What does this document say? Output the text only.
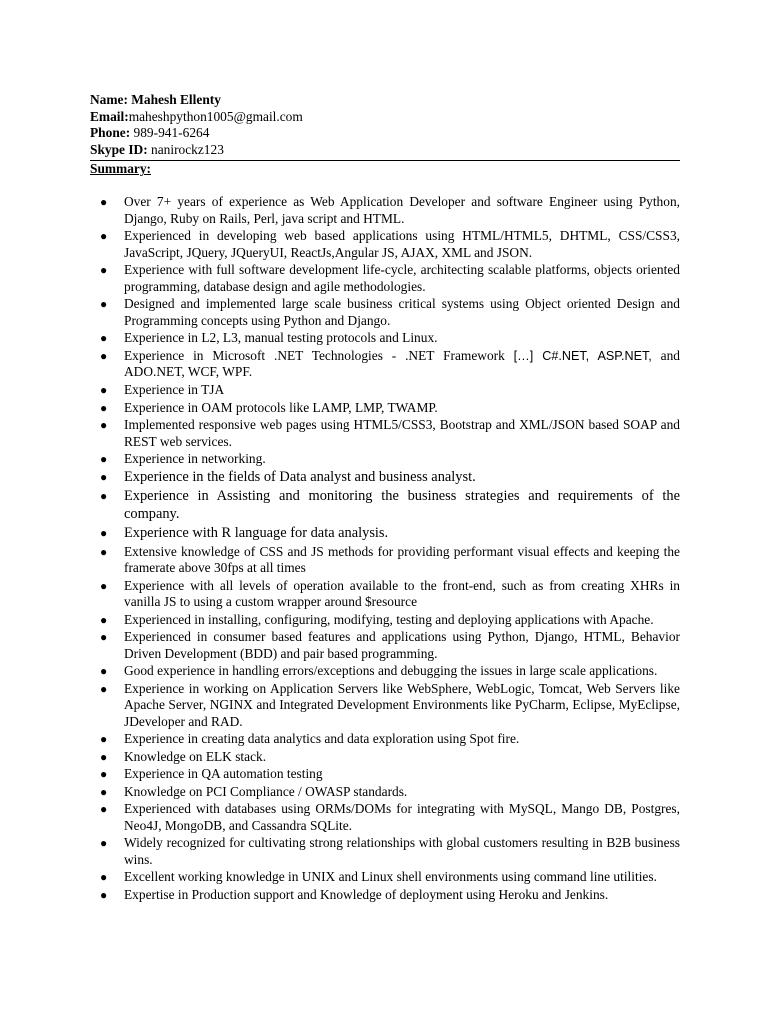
Name: Mahesh Ellenty
Email:maheshpython1005@gmail.com
Phone: 989-941-6264
Skype ID: nanirockz123
Summary:
● Over 7+ years of experience as Web Application Developer and software Engineer using Python, Django, Ruby on Rails, Perl, java script and HTML.
● Experienced in developing web based applications using HTML/HTML5, DHTML, CSS/CSS3, JavaScript, JQuery, JQueryUI, ReactJs,Angular JS, AJAX, XML and JSON.
● Experience with full software development life-cycle, architecting scalable platforms, objects oriented programming, database design and agile methodologies.
● Designed and implemented large scale business critical systems using Object oriented Design and Programming concepts using Python and Django.
● Experience in L2, L3, manual testing protocols and Linux.
● Experience in Microsoft .NET Technologies - .NET Framework […] C#.NET, ASP.NET, and ADO.NET, WCF, WPF.
● Experience in TJA
● Experience in OAM protocols like LAMP, LMP, TWAMP.
● Implemented responsive web pages using HTML5/CSS3, Bootstrap and XML/JSON based SOAP and REST web services.
● Experience in networking.
● Experience in the fields of Data analyst and business analyst.
● Experience in Assisting and monitoring the business strategies and requirements of the company.
● Experience with R language for data analysis.
● Extensive knowledge of CSS and JS methods for providing performant visual effects and keeping the framerate above 30fps at all times
● Experience with all levels of operation available to the front-end, such as from creating XHRs in vanilla JS to using a custom wrapper around $resource
● Experienced in installing, configuring, modifying, testing and deploying applications with Apache.
● Experienced in consumer based features and applications using Python, Django, HTML, Behavior Driven Development (BDD) and pair based programming.
● Good experience in handling errors/exceptions and debugging the issues in large scale applications.
● Experience in working on Application Servers like WebSphere, WebLogic, Tomcat, Web Servers like Apache Server, NGINX and Integrated Development Environments like PyCharm, Eclipse, MyEclipse, JDeveloper and RAD.
● Experience in creating data analytics and data exploration using Spot fire.
● Knowledge on ELK stack.
● Experience in QA automation testing
● Knowledge on PCI Compliance / OWASP standards.
● Experienced with databases using ORMs/DOMs for integrating with MySQL, Mango DB, Postgres, Neo4J, MongoDB, and Cassandra SQLite.
● Widely recognized for cultivating strong relationships with global customers resulting in B2B business wins.
● Excellent working knowledge in UNIX and Linux shell environments using command line utilities.
● Expertise in Production support and Knowledge of deployment using Heroku and Jenkins.
